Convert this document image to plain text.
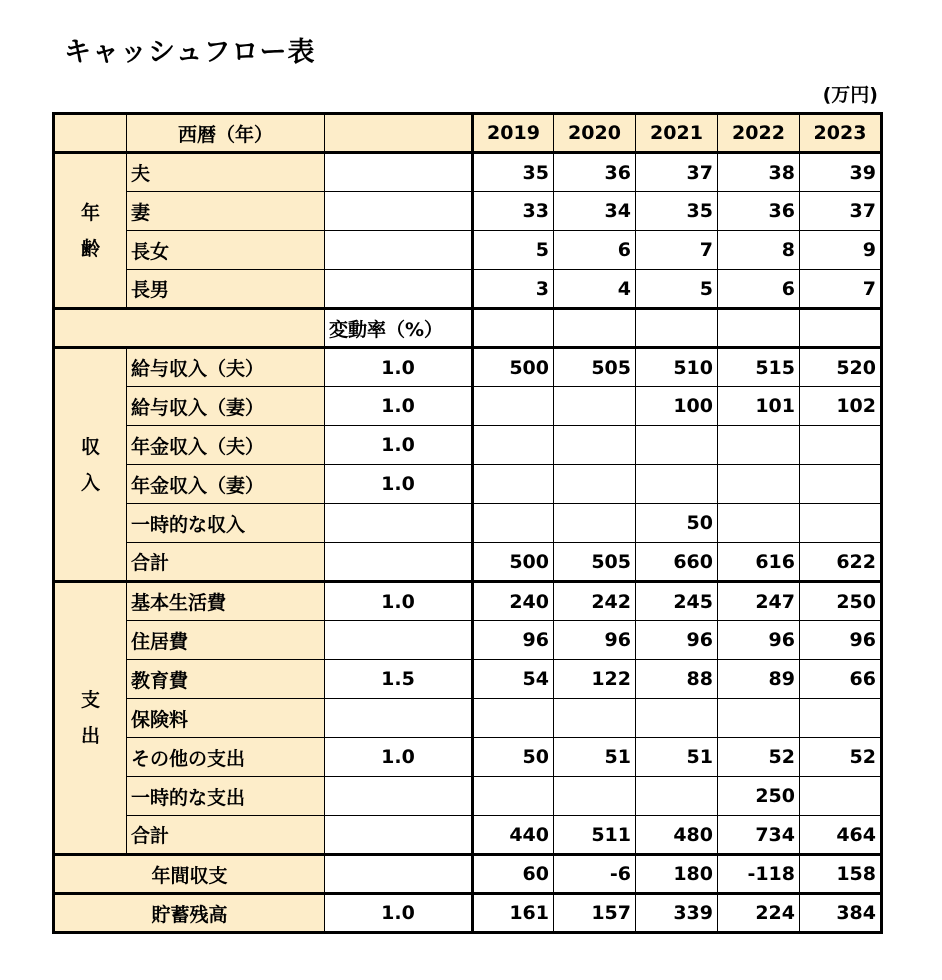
キャッシュフロー表
(万円)
	西暦（年）		2019	2020	2021	2022	2023

年
齢	夫		35	36	37	38	39
	妻		33	34	35	36	37
	長女		5	6	7	8	9
	長男		3	4	5	6	7
		変動率（%）					

収
入	給与収入（夫）	1.0	500	505	510	515	520
	給与収入（妻）	1.0			100	101	102
	年金収入（夫）	1.0					
	年金収入（妻）	1.0					
	一時的な収入				50		
	合計		500	505	660	616	622

支
出	基本生活費	1.0	240	242	245	247	250
	住居費		96	96	96	96	96
	教育費	1.5	54	122	88	89	66
	保険料						
	その他の支出	1.0	50	51	51	52	52
	一時的な支出					250	
	合計		440	511	480	734	464
年間収支			60	-6	180	-118	158
貯蓄残高		1.0	161	157	339	224	384
